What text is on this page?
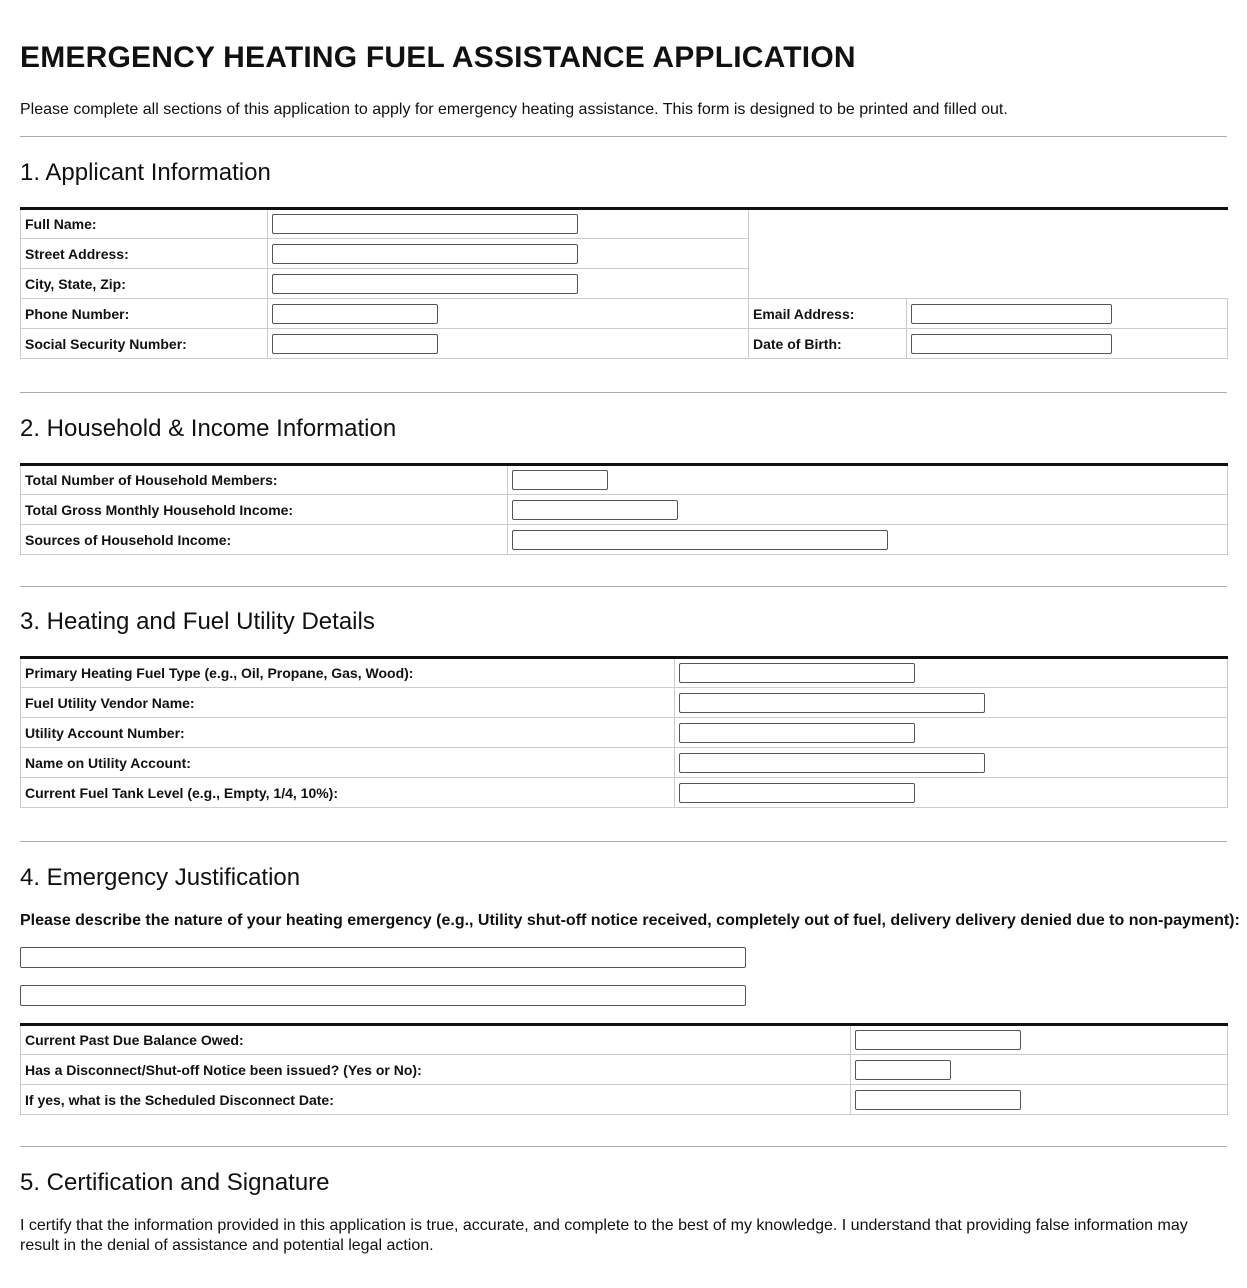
EMERGENCY HEATING FUEL ASSISTANCE APPLICATION

Please complete all sections of this application to apply for emergency heating assistance. This form is designed to be printed and filled out.

1. Applicant Information
Full Name:		

Street Address:		

City, State, Zip:		

Phone Number:		Email Address:	

Social Security Number:		Date of Birth:	
2. Household & Income Information
Total Number of Household Members:	

Total Gross Monthly Household Income:	

Sources of Household Income:	
3. Heating and Fuel Utility Details
Primary Heating Fuel Type (e.g., Oil, Propane, Gas, Wood):	

Fuel Utility Vendor Name:	

Utility Account Number:	

Name on Utility Account:	

Current Fuel Tank Level (e.g., Empty, 1/4, 10%):	
4. Emergency Justification

Please describe the nature of your heating emergency (e.g., Utility shut-off notice received, completely out of fuel, delivery delivery denied due to non-payment):

Current Past Due Balance Owed:	

Has a Disconnect/Shut-off Notice been issued? (Yes or No):	

If yes, what is the Scheduled Disconnect Date:	
5. Certification and Signature

I certify that the information provided in this application is true, accurate, and complete to the best of my knowledge. I understand that providing false information may result in the denial of assistance and potential legal action.
